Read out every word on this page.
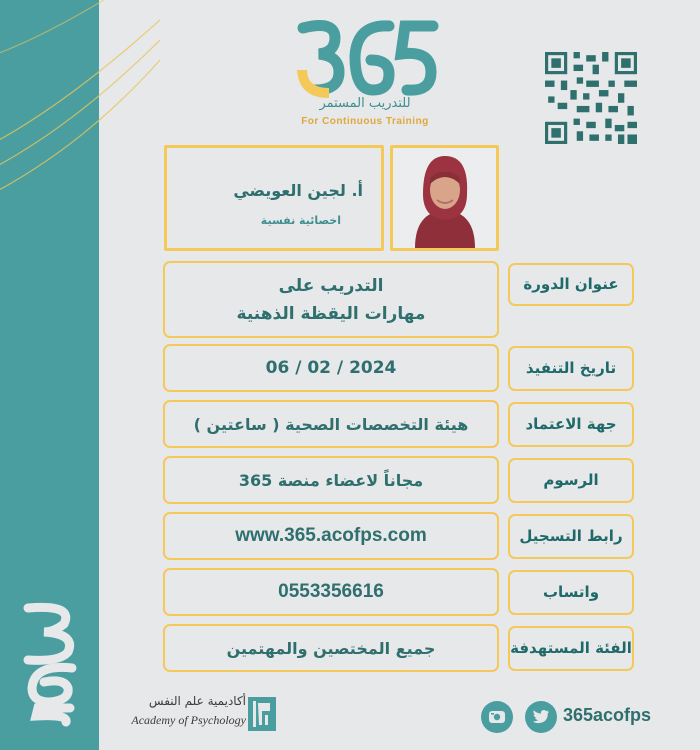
للتدريب المستمر
For Continuous Training
أ. لجين العويضي
اخصائية نفسية
عنوان الدورة
التدريب على
مهارات اليقظة الذهنية
تاريخ التنفيذ
2024 / 02 / 06
جهة الاعتماد
هيئة التخصصات الصحية ( ساعتين )
الرسوم
مجاناً لاعضاء منصة 365
رابط التسجيل
www.365.acofps.com
واتساب
0553356616
الفئة المستهدفة
جميع المختصين والمهتمين
أكاديمية علم النفس
Academy of Psychology	365acofps
